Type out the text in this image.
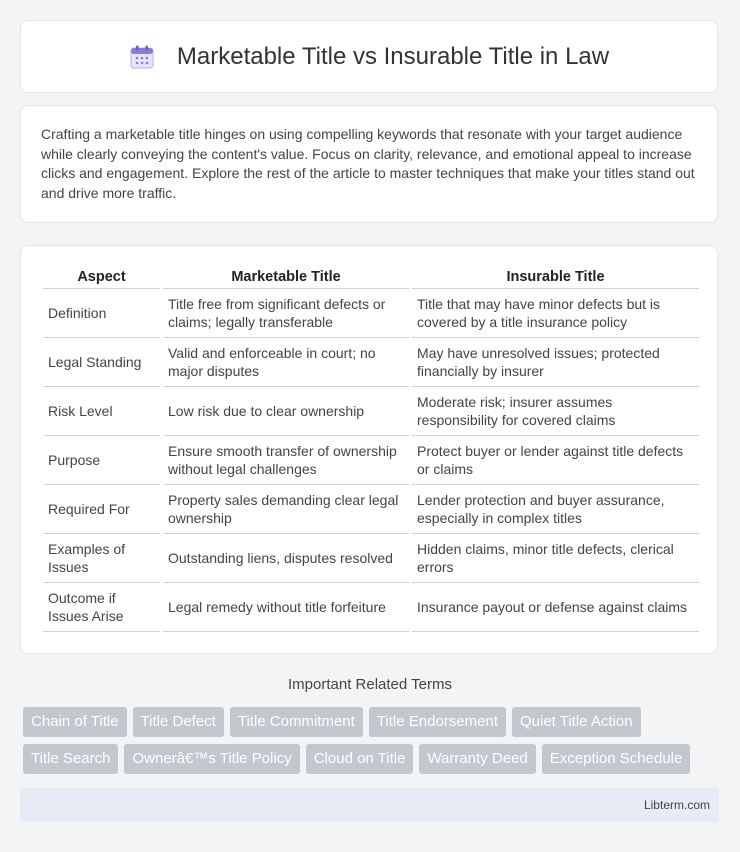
Marketable Title vs Insurable Title in Law

Crafting a marketable title hinges on using compelling keywords that resonate with your target audience while clearly conveying the content's value. Focus on clarity, relevance, and emotional appeal to increase clicks and engagement. Explore the rest of the article to master techniques that make your titles stand out and drive more traffic.

Aspect	Marketable Title	Insurable Title
Definition	Title free from significant defects or claims; legally transferable	Title that may have minor defects but is covered by a title insurance policy
Legal Standing	Valid and enforceable in court; no major disputes	May have unresolved issues; protected financially by insurer
Risk Level	Low risk due to clear ownership	Moderate risk; insurer assumes responsibility for covered claims
Purpose	Ensure smooth transfer of ownership without legal challenges	Protect buyer or lender against title defects or claims
Required For	Property sales demanding clear legal ownership	Lender protection and buyer assurance, especially in complex titles
Examples of Issues	Outstanding liens, disputes resolved	Hidden claims, minor title defects, clerical errors
Outcome if Issues Arise	Legal remedy without title forfeiture	Insurance payout or defense against claims
Important Related Terms
Chain of Title	Title Defect	Title Commitment	Title Endorsement	Quiet Title Action
Title Search	Ownerâ€™s Title Policy	Cloud on Title	Warranty Deed	Exception Schedule
Libterm.com
